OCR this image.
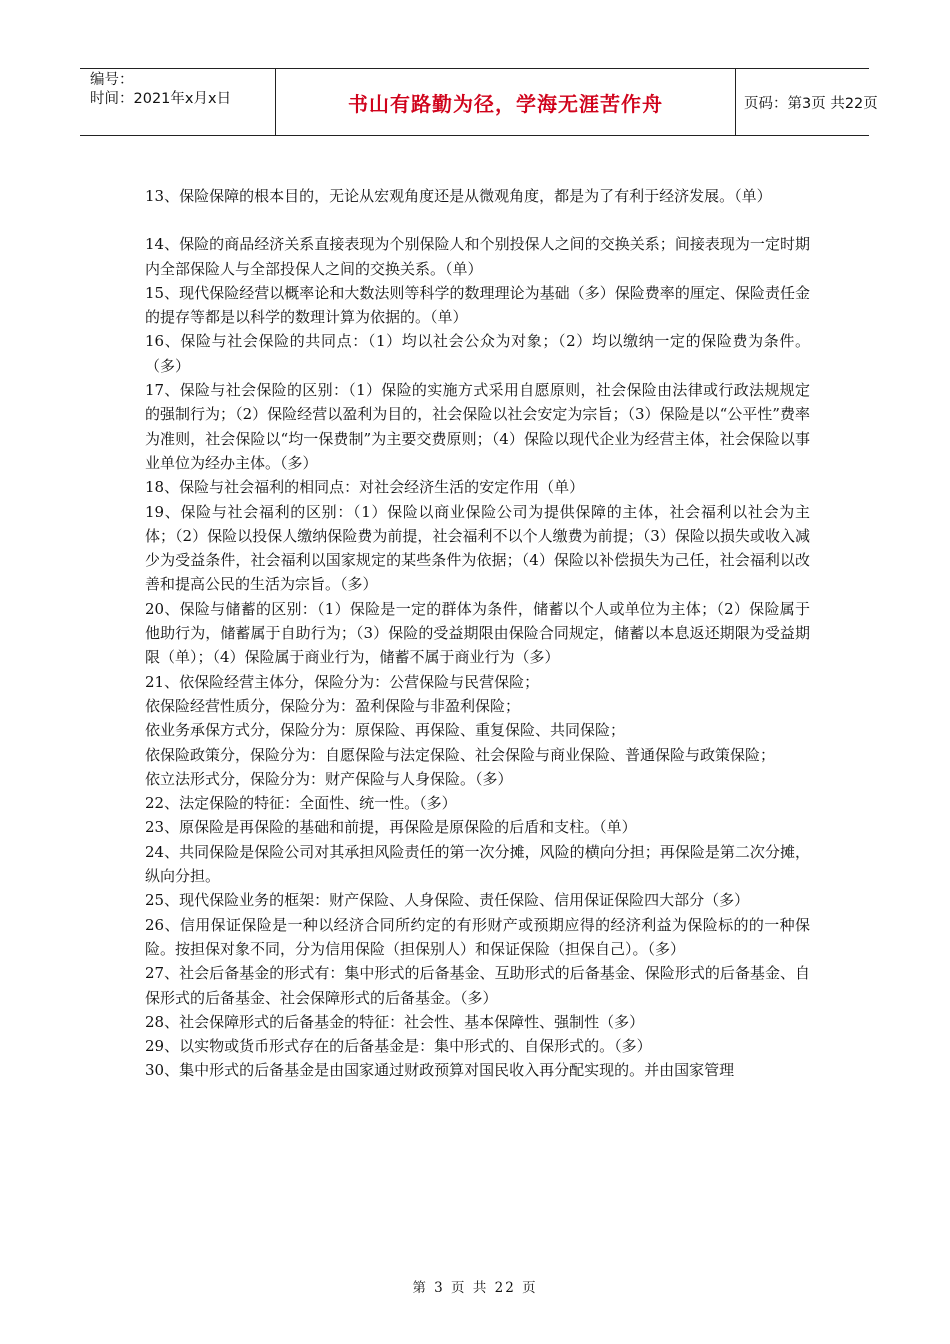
编号：
时间：2021年x月x日	书山有路勤为径，学海无涯苦作舟	页码：第3页 共22页

13、保险保障的根本目的，无论从宏观角度还是从微观角度，都是为了有利于经济发展。（单）

14、保险的商品经济关系直接表现为个别保险人和个别投保人之间的交换关系；间接表现为一定时期内全部保险人与全部投保人之间的交换关系。（单）

15、现代保险经营以概率论和大数法则等科学的数理理论为基础（多）保险费率的厘定、保险责任金的提存等都是以科学的数理计算为依据的。（单）

16、保险与社会保险的共同点：（1）均以社会公众为对象；（2）均以缴纳一定的保险费为条件。（多）

17、保险与社会保险的区别：（1）保险的实施方式采用自愿原则，社会保险由法律或行政法规规定的强制行为；（2）保险经营以盈利为目的，社会保险以社会安定为宗旨；（3）保险是以“公平性”费率为准则，社会保险以“均一保费制”为主要交费原则；（4）保险以现代企业为经营主体，社会保险以事业单位为经办主体。（多）

18、保险与社会福利的相同点：对社会经济生活的安定作用（单）

19、保险与社会福利的区别：（1）保险以商业保险公司为提供保障的主体，社会福利以社会为主体；（2）保险以投保人缴纳保险费为前提，社会福利不以个人缴费为前提；（3）保险以损失或收入减少为受益条件，社会福利以国家规定的某些条件为依据；（4）保险以补偿损失为己任，社会福利以改善和提高公民的生活为宗旨。（多）

20、保险与储蓄的区别：（1）保险是一定的群体为条件，储蓄以个人或单位为主体；（2）保险属于他助行为，储蓄属于自助行为；（3）保险的受益期限由保险合同规定，储蓄以本息返还期限为受益期限（单）；（4）保险属于商业行为，储蓄不属于商业行为（多）

21、依保险经营主体分，保险分为：公营保险与民营保险；

依保险经营性质分，保险分为：盈利保险与非盈利保险；

依业务承保方式分，保险分为：原保险、再保险、重复保险、共同保险；

依保险政策分，保险分为：自愿保险与法定保险、社会保险与商业保险、普通保险与政策保险；

依立法形式分，保险分为：财产保险与人身保险。（多）

22、法定保险的特征：全面性、统一性。（多）

23、原保险是再保险的基础和前提，再保险是原保险的后盾和支柱。（单）

24、共同保险是保险公司对其承担风险责任的第一次分摊，风险的横向分担；再保险是第二次分摊，纵向分担。

25、现代保险业务的框架：财产保险、人身保险、责任保险、信用保证保险四大部分（多）

26、信用保证保险是一种以经济合同所约定的有形财产或预期应得的经济利益为保险标的的一种保险。按担保对象不同，分为信用保险（担保别人）和保证保险（担保自己）。（多）

27、社会后备基金的形式有：集中形式的后备基金、互助形式的后备基金、保险形式的后备基金、自保形式的后备基金、社会保障形式的后备基金。（多）

28、社会保障形式的后备基金的特征：社会性、基本保障性、强制性（多）

29、以实物或货币形式存在的后备基金是：集中形式的、自保形式的。（多）

30、集中形式的后备基金是由国家通过财政预算对国民收入再分配实现的。并由国家管理

第 3 页 共 22 页
